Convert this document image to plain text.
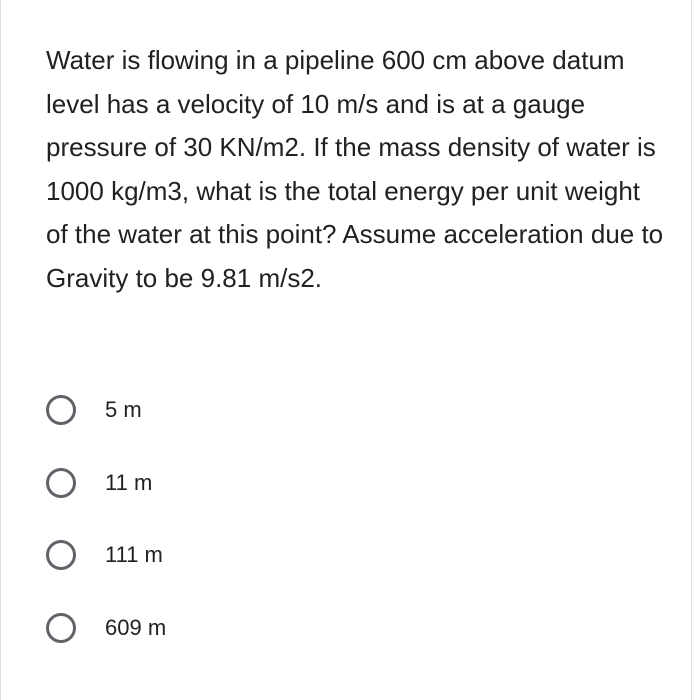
Water is flowing in a pipeline 600 cm above datum level has a velocity of 10 m/s and is at a gauge pressure of 30 KN/m2. If the mass density of water is 1000 kg/m3, what is the total energy per unit weight of the water at this point? Assume acceleration due to Gravity to be 9.81 m/s2.

5 m
11 m
111 m
609 m
